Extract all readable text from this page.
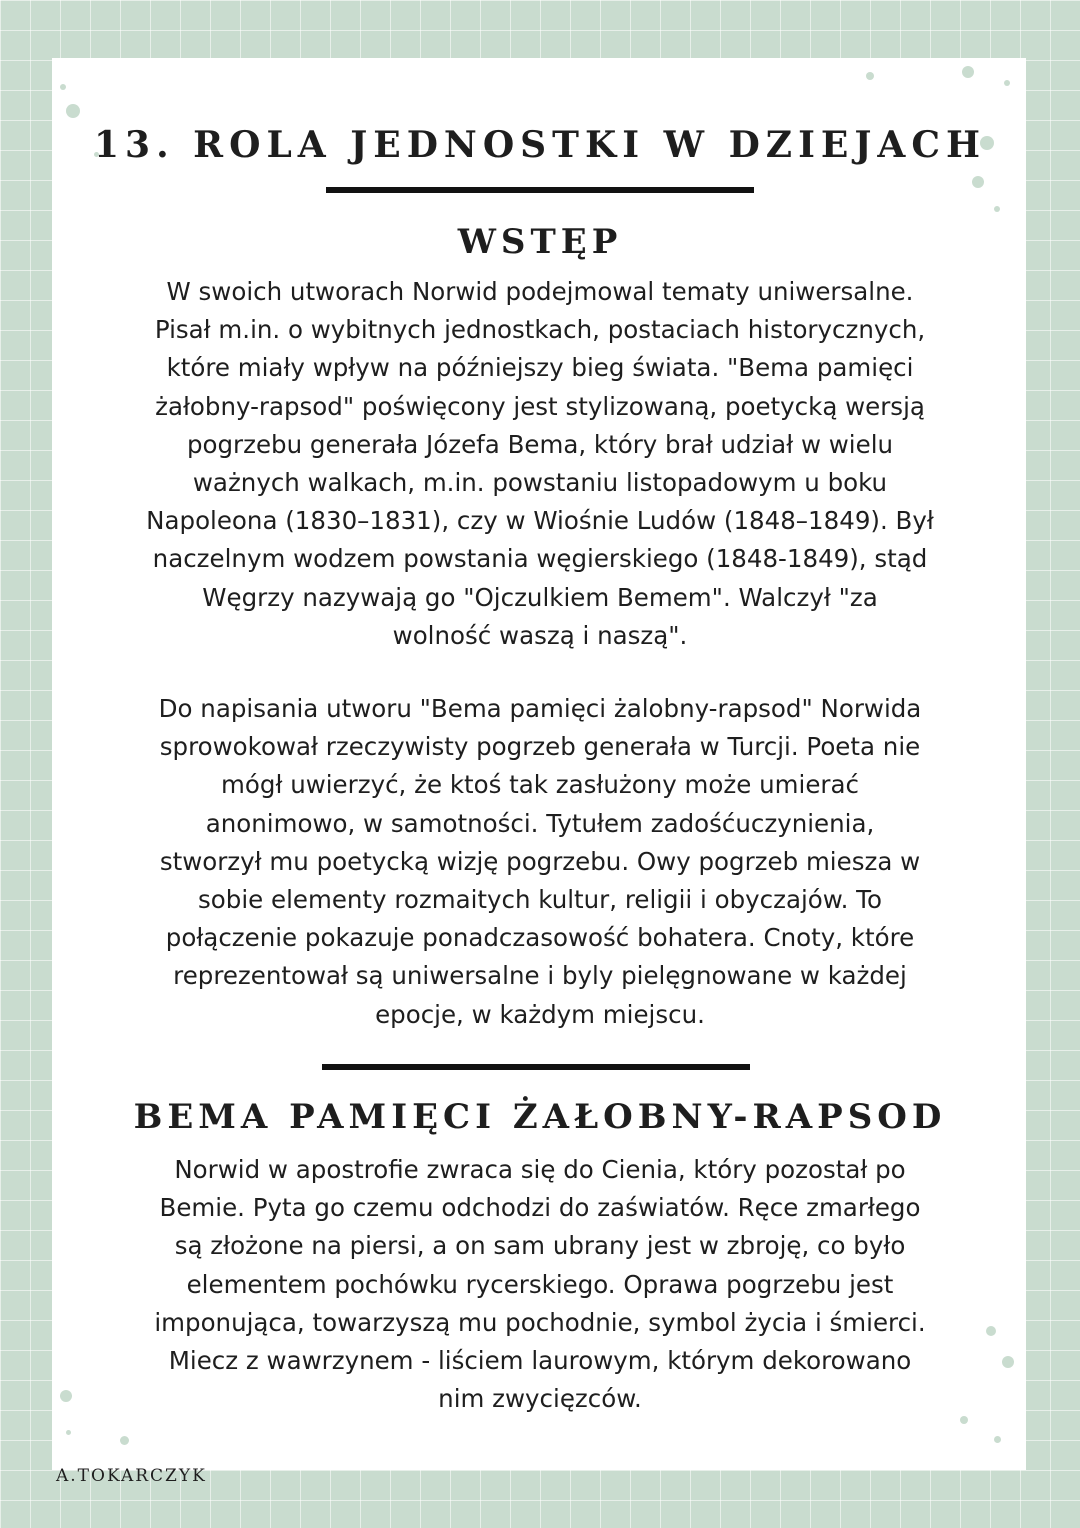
13. ROLA JEDNOSTKI W DZIEJACH
WSTĘP

W swoich utworach Norwid podejmowal tematy uniwersalne.
Pisał m.in. o wybitnych jednostkach, postaciach historycznych,
które miały wpływ na późniejszy bieg świata. "Bema pamięci
żałobny-rapsod" poświęcony jest stylizowaną, poetycką wersją
pogrzebu generała Józefa Bema, który brał udział w wielu
ważnych walkach, m.in. powstaniu listopadowym u boku
Napoleona (1830–1831), czy w Wiośnie Ludów (1848–1849). Był
naczelnym wodzem powstania węgierskiego (1848-1849), stąd
Węgrzy nazywają go "Ojczulkiem Bemem". Walczył "za
wolność waszą i naszą".

Do napisania utworu "Bema pamięci żalobny-rapsod" Norwida
sprowokował rzeczywisty pogrzeb generała w Turcji. Poeta nie
mógł uwierzyć, że ktoś tak zasłużony może umierać
anonimowo, w samotności. Tytułem zadośćuczynienia,
stworzył mu poetycką wizję pogrzebu. Owy pogrzeb miesza w
sobie elementy rozmaitych kultur, religii i obyczajów. To
połączenie pokazuje ponadczasowość bohatera. Cnoty, które
reprezentował są uniwersalne i byly pielęgnowane w każdej
epocje, w każdym miejscu.

BEMA PAMIĘCI ŻAŁOBNY-RAPSOD

Norwid w apostrofie zwraca się do Cienia, który pozostał po
Bemie. Pyta go czemu odchodzi do zaświatów. Ręce zmarłego
są złożone na piersi, a on sam ubrany jest w zbroję, co było
elementem pochówku rycerskiego. Oprawa pogrzebu jest
imponująca, towarzyszą mu pochodnie, symbol życia i śmierci.
Miecz z wawrzynem - liściem laurowym, którym dekorowano
nim zwycięzców.

A.TOKARCZYK
